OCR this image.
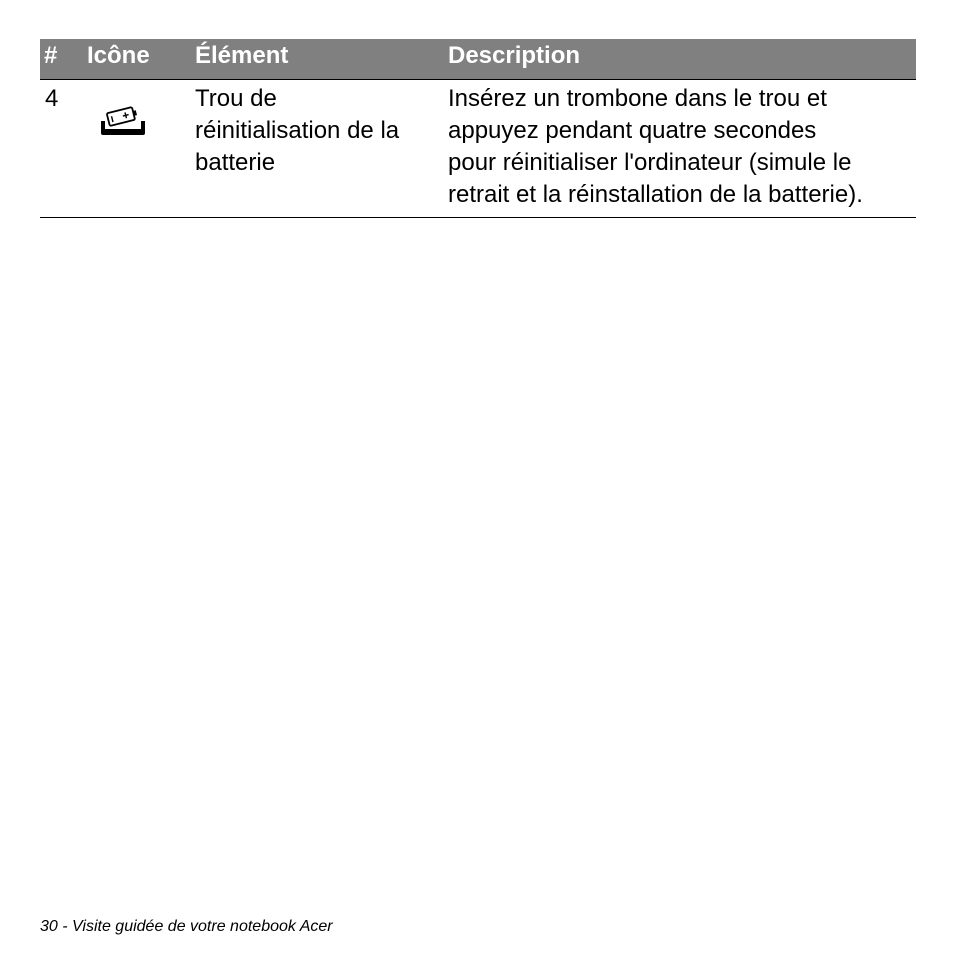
# Icône Élément	Description
4	Trou de
réinitialisation de la
batterie
Insérez un trombone dans le trou et
appuyez pendant quatre secondes
pour réinitialiser l'ordinateur (simule le
retrait et la réinstallation de la batterie).
30 - Visite guidée de votre notebook Acer
